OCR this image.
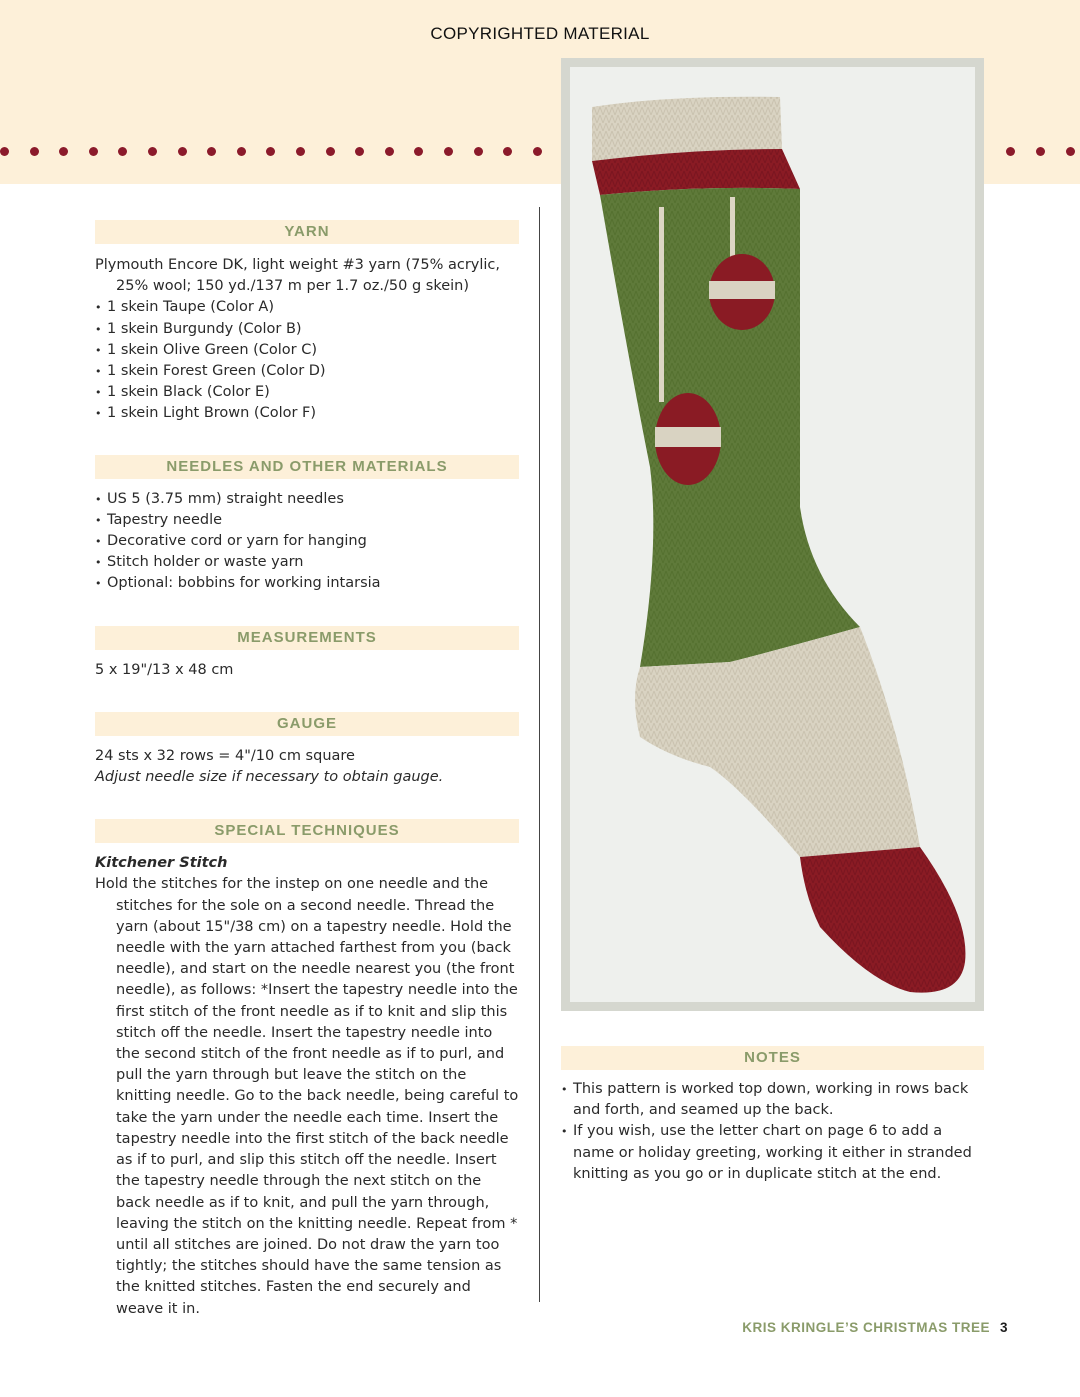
COPYRIGHTED MATERIAL
YARN

Plymouth Encore DK, light weight #3 yarn (75% acrylic, 25% wool; 150 yd./137 m per 1.7 oz./50 g skein)

• 1 skein Taupe (Color A)
• 1 skein Burgundy (Color B)
• 1 skein Olive Green (Color C)
• 1 skein Forest Green (Color D)
• 1 skein Black (Color E)
• 1 skein Light Brown (Color F)
NEEDLES AND OTHER MATERIALS
• US 5 (3.75 mm) straight needles
• Tapestry needle
• Decorative cord or yarn for hanging
• Stitch holder or waste yarn
• Optional: bobbins for working intarsia
MEASUREMENTS

5 x 19"/13 x 48 cm

GAUGE

24 sts x 32 rows = 4"/10 cm square

Adjust needle size if necessary to obtain gauge.

SPECIAL TECHNIQUES

Kitchener Stitch

Hold the stitches for the instep on one needle and the stitches for the sole on a second needle. Thread the yarn (about 15"/38 cm) on a tapestry needle. Hold the needle with the yarn attached farthest from you (back needle), and start on the needle nearest you (the front needle), as follows: *Insert the tapestry needle into the first stitch of the front needle as if to knit and slip this stitch off the needle. Insert the tapestry needle into the second stitch of the front needle as if to purl, and pull the yarn through but leave the stitch on the knitting needle. Go to the back needle, being careful to take the yarn under the needle each time. Insert the tapestry needle into the first stitch of the back needle as if to purl, and slip this stitch off the needle. Insert the tapestry needle through the next stitch on the back needle as if to knit, and pull the yarn through, leaving the stitch on the knitting needle. Repeat from * until all stitches are joined. Do not draw the yarn too tightly; the stitches should have the same tension as the knitted stitches. Fasten the end securely and weave it in.

NOTES
• This pattern is worked top down, working in rows back and forth, and seamed up the back.
• If you wish, use the letter chart on page 6 to add a name or holiday greeting, working it either in stranded knitting as you go or in duplicate stitch at the end.
KRIS KRINGLE’S CHRISTMAS TREE 3
